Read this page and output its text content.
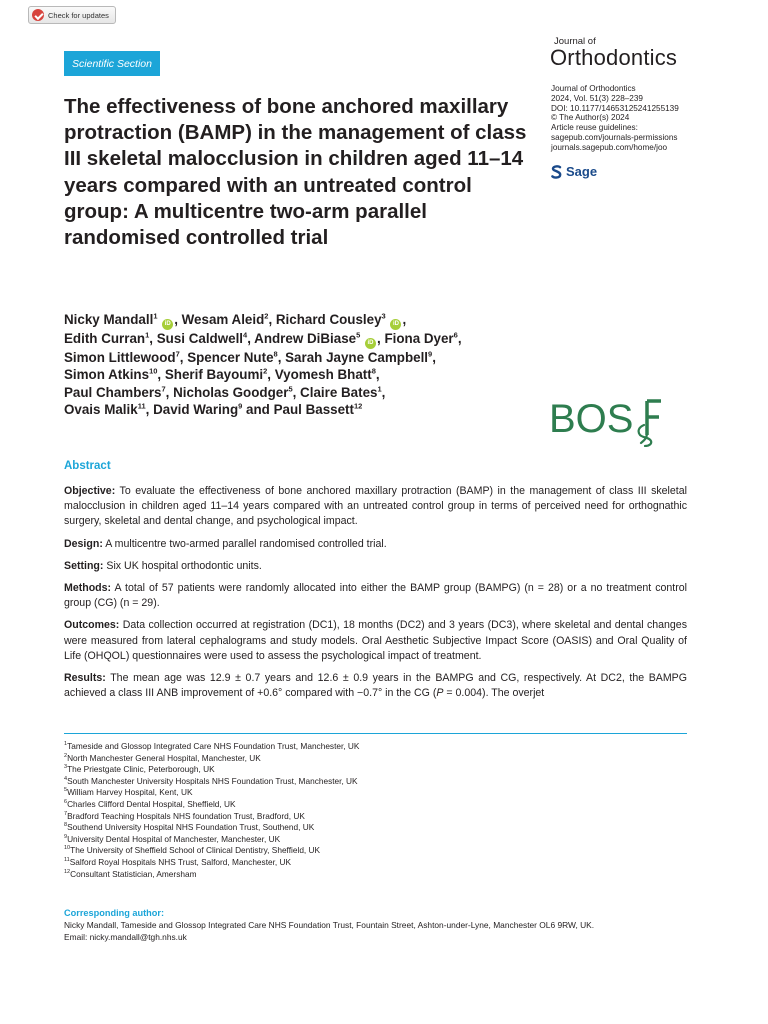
Check for updates
Scientific Section
Journal of
Orthodontics
Journal of Orthodontics
2024, Vol. 51(3) 228–239
DOI: 10.1177/14653125241255139
© The Author(s) 2024
Article reuse guidelines:
sagepub.com/journals-permissions
journals.sagepub.com/home/joo
Sage
The effectiveness of bone anchored maxillary protraction (BAMP) in the management of class III skeletal malocclusion in children aged 11–14 years compared with an untreated control group: A multicentre two-arm parallel randomised controlled trial
Nicky Mandall$^1$ iD , Wesam Aleid$^2$, Richard Cousley$^3$ iD ,
Edith Curran$^1$, Susi Caldwell$^4$, Andrew DiBiase$^5$ iD , Fiona Dyer$^6$,
Simon Littlewood$^7$, Spencer Nute$^8$, Sarah Jayne Campbell$^9$,
Simon Atkins$^{10}$, Sherif Bayoumi$^2$, Vyomesh Bhatt$^8$,
Paul Chambers$^7$, Nicholas Goodger$^5$, Claire Bates$^1$,
Ovais Malik$^{11}$, David Waring$^9$ and Paul Bassett$^{12}$	BOS
Abstract

Objective: To evaluate the effectiveness of bone anchored maxillary protraction (BAMP) in the management of class III skeletal malocclusion in children aged 11–14 years compared with an untreated control group in terms of perceived need for orthognathic surgery, skeletal and dental change, and psychological impact.

Design: A multicentre two-armed parallel randomised controlled trial.

Setting: Six UK hospital orthodontic units.

Methods: A total of 57 patients were randomly allocated into either the BAMP group (BAMPG) (n = 28) or a no treatment control group (CG) (n = 29).

Outcomes: Data collection occurred at registration (DC1), 18 months (DC2) and 3 years (DC3), where skeletal and dental changes were measured from lateral cephalograms and study models. Oral Aesthetic Subjective Impact Score (OASIS) and Oral Quality of Life (OHQOL) questionnaires were used to assess the psychological impact of treatment.

Results: The mean age was 12.9 ± 0.7 years and 12.6 ± 0.9 years in the BAMPG and CG, respectively. At DC2, the BAMPG achieved a class III ANB improvement of +0.6° compared with −0.7° in the CG (P = 0.004). The overjet

$^1$Tameside and Glossop Integrated Care NHS Foundation Trust, Manchester, UK
$^2$North Manchester General Hospital, Manchester, UK
$^3$The Priestgate Clinic, Peterborough, UK
$^4$South Manchester University Hospitals NHS Foundation Trust, Manchester, UK
$^5$William Harvey Hospital, Kent, UK
$^6$Charles Clifford Dental Hospital, Sheffield, UK
$^7$Bradford Teaching Hospitals NHS foundation Trust, Bradford, UK
$^8$Southend University Hospital NHS Foundation Trust, Southend, UK
$^9$University Dental Hospital of Manchester, Manchester, UK
$^{10}$The University of Sheffield School of Clinical Dentistry, Sheffield, UK
$^{11}$Salford Royal Hospitals NHS Trust, Salford, Manchester, UK
$^{12}$Consultant Statistician, Amersham
Corresponding author:
Nicky Mandall, Tameside and Glossop Integrated Care NHS Foundation Trust, Fountain Street, Ashton-under-Lyne, Manchester OL6 9RW, UK.
Email: nicky.mandall@tgh.nhs.uk
